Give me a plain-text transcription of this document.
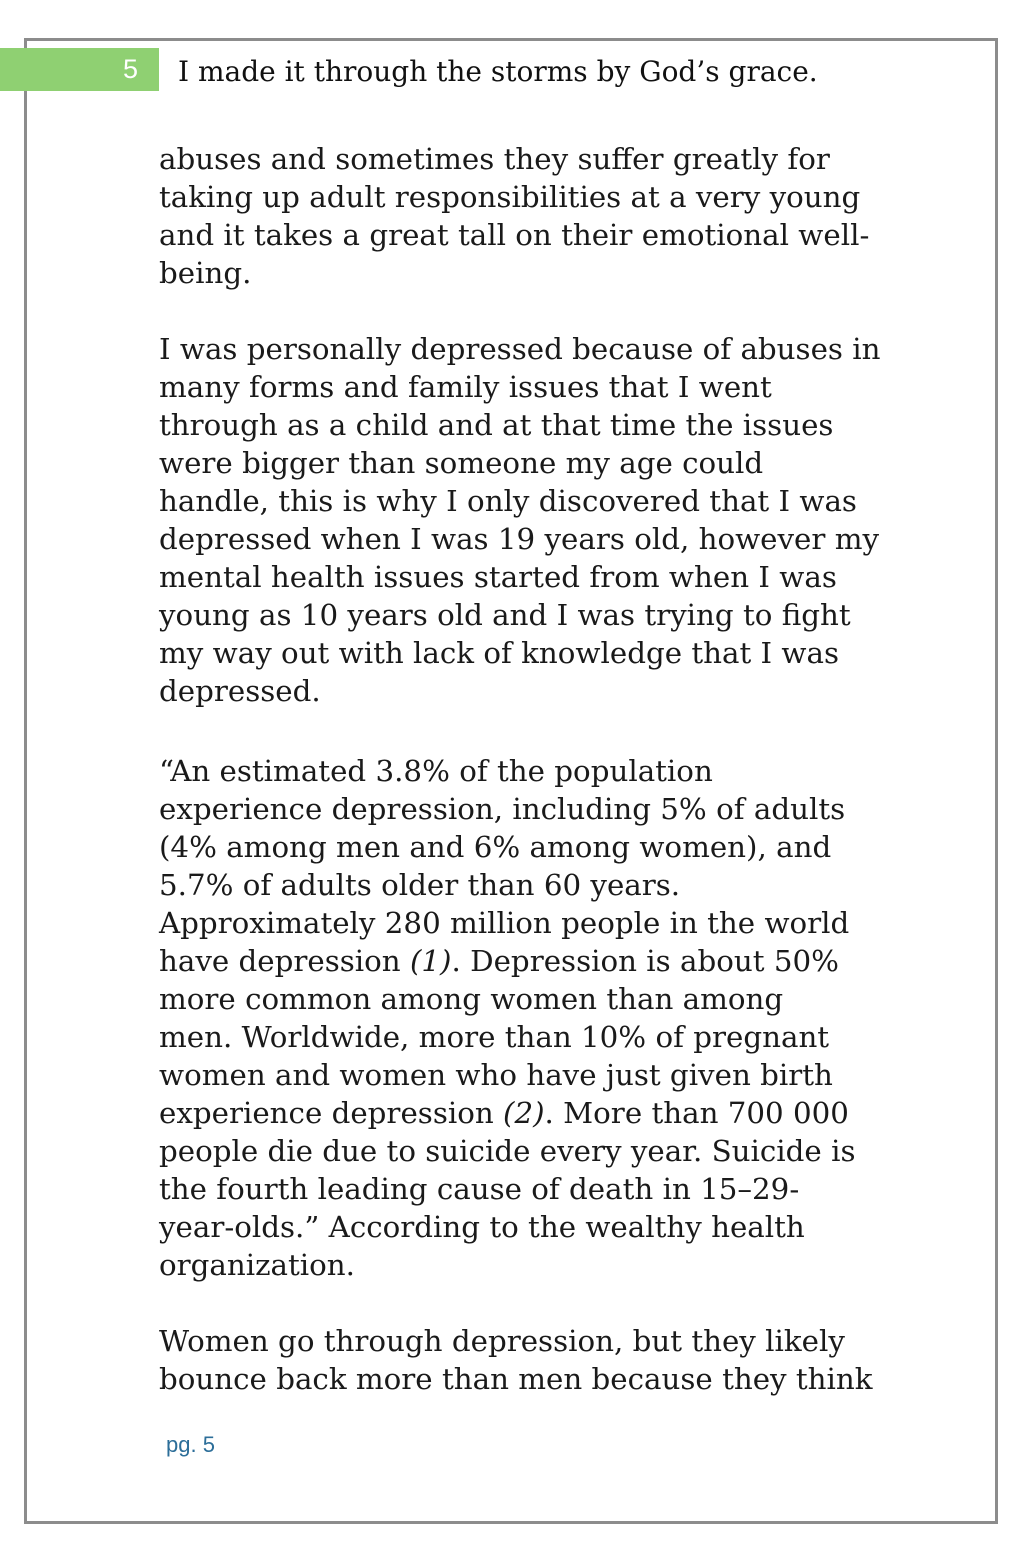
5 I made it through the storms by God’s grace.
abuses and sometimes they suffer greatly for
taking up adult responsibilities at a very young
and it takes a great tall on their emotional well-
being.
I was personally depressed because of abuses in
many forms and family issues that I went
through as a child and at that time the issues
were bigger than someone my age could
handle, this is why I only discovered that I was
depressed when I was 19 years old, however my
mental health issues started from when I was
young as 10 years old and I was trying to fight
my way out with lack of knowledge that I was
depressed.
“An estimated 3.8% of the population
experience depression, including 5% of adults
(4% among men and 6% among women), and
5.7% of adults older than 60 years.
Approximately 280 million people in the world
have depression (1). Depression is about 50%
more common among women than among
men. Worldwide, more than 10% of pregnant
women and women who have just given birth
experience depression (2). More than 700 000
people die due to suicide every year. Suicide is
the fourth leading cause of death in 15–29-
year-olds.” According to the wealthy health
organization.
Women go through depression, but they likely
bounce back more than men because they think
pg. 5
